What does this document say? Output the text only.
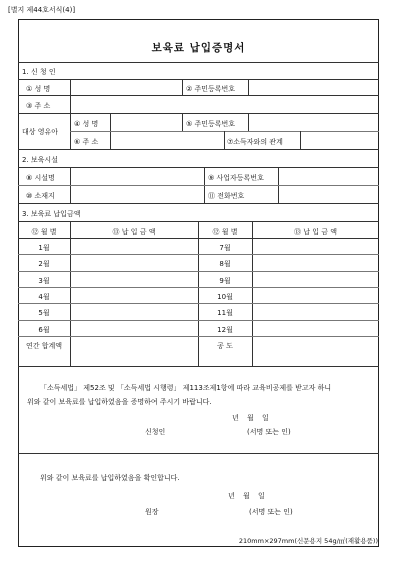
[별지 제44호서식(4)]
보육료 납입증명서
1. 신 청 인
① 성 명	② 주민등록번호
③ 주 소
대상 영유아
④ 성 명	⑤ 주민등록번호
⑥ 주 소	⑦소득자와의 관계
2. 보육시설
⑧ 시설명	⑨ 사업자등록번호
⑩ 소재지	⑪ 전화번호
3. 보육료 납입금액
⑫ 월 별	⑬ 납 입 금 액	⑫ 월 별	⑬ 납 입 금 액
1월	7월
2월	8월
3월	9월
4월	10월
5월	11월
6월	12월
연간 합계액	공 도
「소득세법」 제52조 및 「소득세법 시행령」 제113조제1항에 따라 교육비공제를 받고자 하니
위와 같이 보육료를 납입하였음을 증명하여 주시기 바랍니다.
년 월 일
신청인	(서명 또는 인)
위와 같이 보육료를 납입하였음을 확인합니다.
년 월 일
원장	(서명 또는 인)
210mm×297mm(신문용지 54g/㎡(재활용품))
